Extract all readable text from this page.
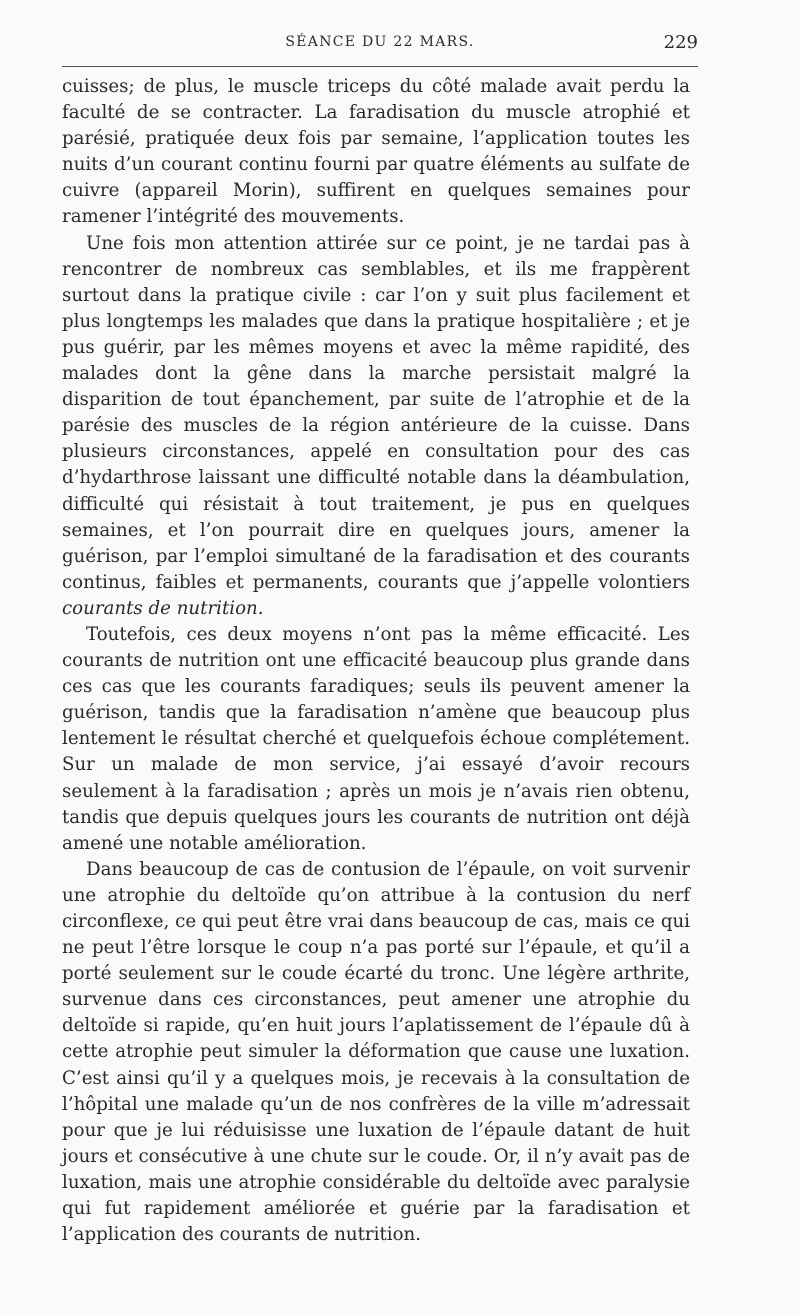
SÉANCE DU 22 MARS.	229

cuisses; de plus, le muscle triceps du côté malade avait perdu la faculté de se contracter. La faradisation du muscle atrophié et parésié, pratiquée deux fois par semaine, l’application toutes les nuits d’un courant continu fourni par quatre éléments au sulfate de cuivre (appareil Morin), suffirent en quelques semaines pour ramener l’intégrité des mouvements.

Une fois mon attention attirée sur ce point, je ne tardai pas à rencontrer de nombreux cas semblables, et ils me frappèrent surtout dans la pratique civile : car l’on y suit plus facilement et plus longtemps les malades que dans la pratique hospitalière ; et je pus guérir, par les mêmes moyens et avec la même rapidité, des malades dont la gêne dans la marche persistait malgré la disparition de tout épanchement, par suite de l’atrophie et de la parésie des muscles de la région antérieure de la cuisse. Dans plusieurs circonstances, appelé en consultation pour des cas d’hydarthrose laissant une difficulté notable dans la déambulation, difficulté qui résistait à tout traitement, je pus en quelques semaines, et l’on pourrait dire en quelques jours, amener la guérison, par l’emploi simultané de la faradisation et des courants continus, faibles et permanents, courants que j’appelle volontiers courants de nutrition.

Toutefois, ces deux moyens n’ont pas la même efficacité. Les courants de nutrition ont une efficacité beaucoup plus grande dans ces cas que les courants faradiques; seuls ils peuvent amener la guérison, tandis que la faradisation n’amène que beaucoup plus lentement le résultat cherché et quelquefois échoue complétement. Sur un malade de mon service, j’ai essayé d’avoir recours seulement à la faradisation ; après un mois je n’avais rien obtenu, tandis que depuis quelques jours les courants de nutrition ont déjà amené une notable amélioration.

Dans beaucoup de cas de contusion de l’épaule, on voit survenir une atrophie du deltoïde qu’on attribue à la contusion du nerf circonflexe, ce qui peut être vrai dans beaucoup de cas, mais ce qui ne peut l’être lorsque le coup n’a pas porté sur l’épaule, et qu’il a porté seulement sur le coude écarté du tronc. Une légère arthrite, survenue dans ces circonstances, peut amener une atrophie du deltoïde si rapide, qu’en huit jours l’aplatissement de l’épaule dû à cette atrophie peut simuler la déformation que cause une luxation. C’est ainsi qu’il y a quelques mois, je recevais à la consultation de l’hôpital une malade qu’un de nos confrères de la ville m’adressait pour que je lui réduisisse une luxation de l’épaule datant de huit jours et consécutive à une chute sur le coude. Or, il n’y avait pas de luxation, mais une atrophie considérable du deltoïde avec paralysie qui fut rapidement améliorée et guérie par la faradisation et l’application des courants de nutrition.
